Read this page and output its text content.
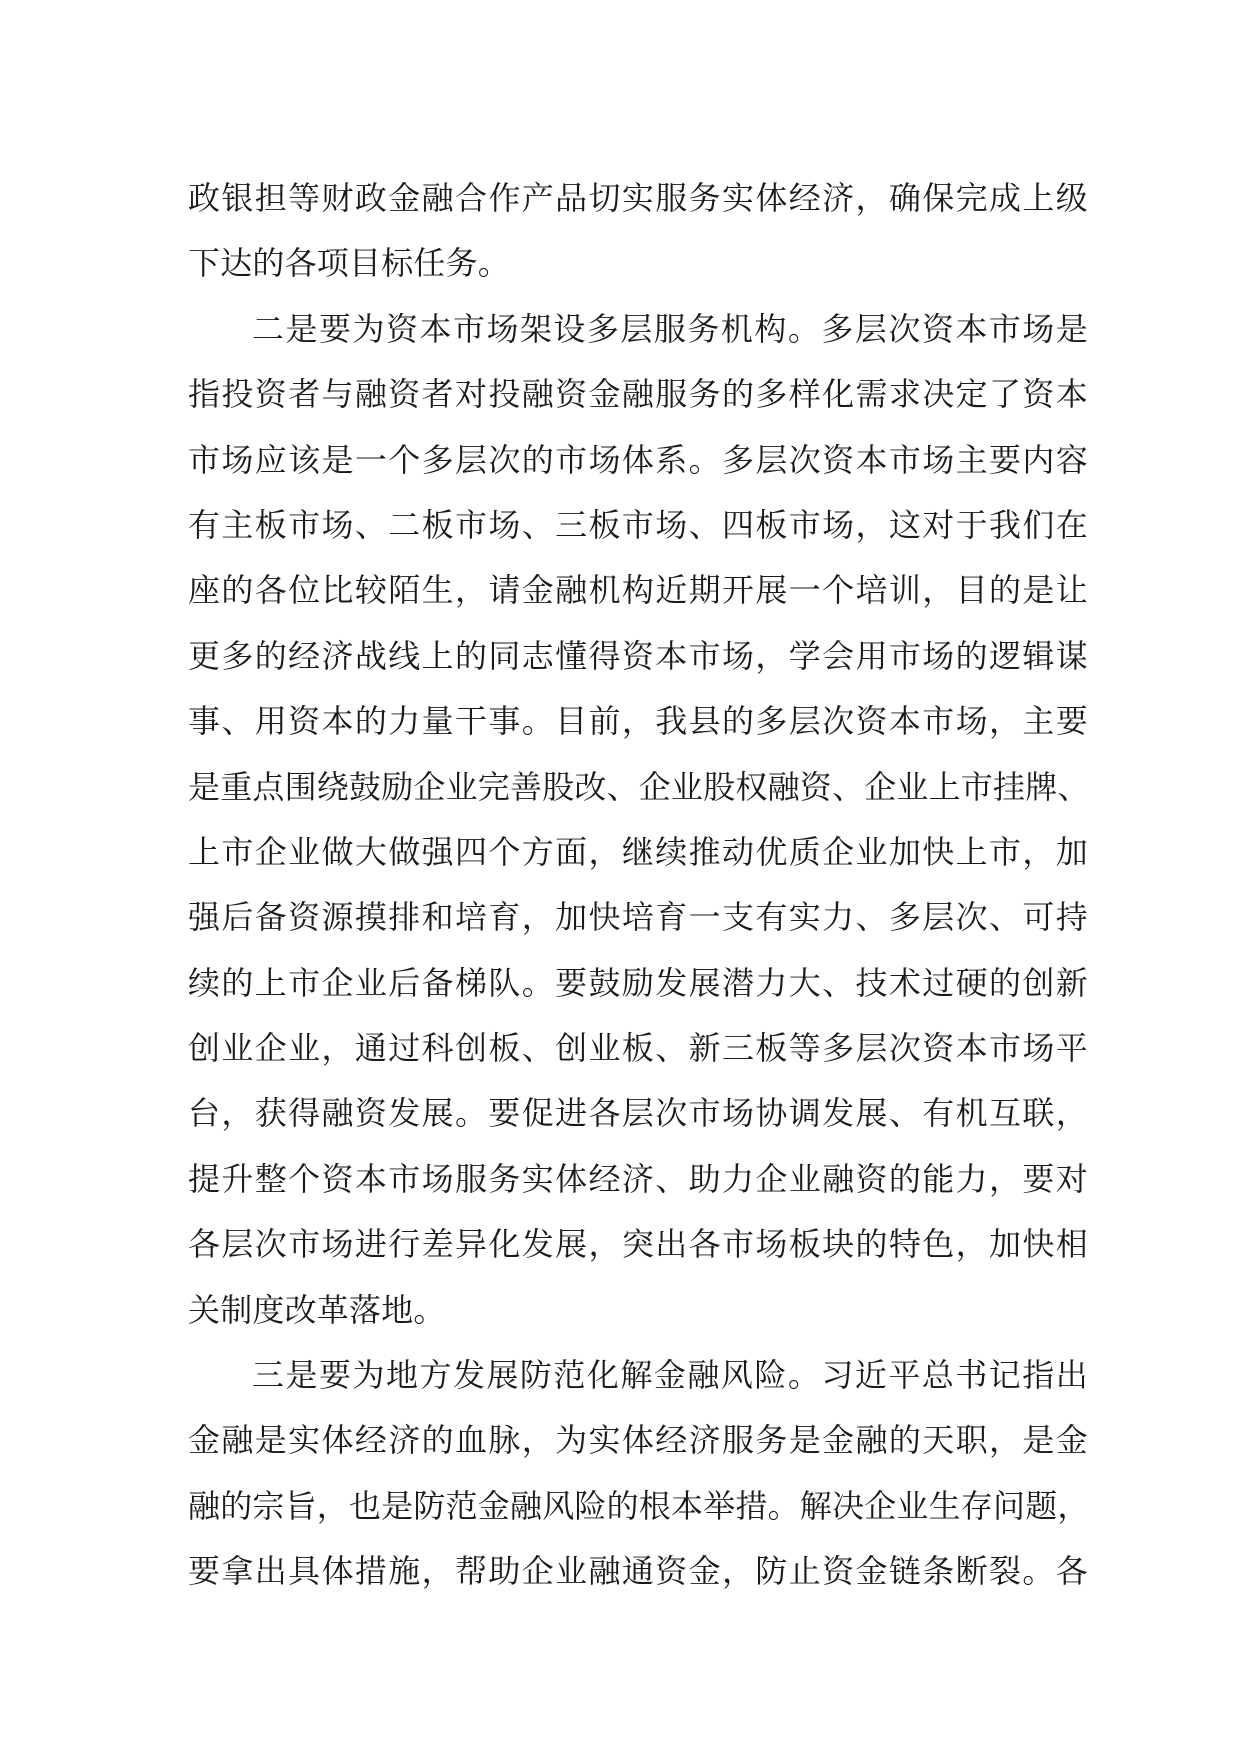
政银担等财政金融合作产品切实服务实体经济，确保完成上级
下达的各项目标任务。
二是要为资本市场架设多层服务机构。多层次资本市场是
指投资者与融资者对投融资金融服务的多样化需求决定了资本
市场应该是一个多层次的市场体系。多层次资本市场主要内容
有主板市场、二板市场、三板市场、四板市场，这对于我们在
座的各位比较陌生，请金融机构近期开展一个培训，目的是让
更多的经济战线上的同志懂得资本市场，学会用市场的逻辑谋
事、用资本的力量干事。目前，我县的多层次资本市场，主要
是重点围绕鼓励企业完善股改、企业股权融资、企业上市挂牌、
上市企业做大做强四个方面，继续推动优质企业加快上市，加
强后备资源摸排和培育，加快培育一支有实力、多层次、可持
续的上市企业后备梯队。要鼓励发展潜力大、技术过硬的创新
创业企业，通过科创板、创业板、新三板等多层次资本市场平
台，获得融资发展。要促进各层次市场协调发展、有机互联，
提升整个资本市场服务实体经济、助力企业融资的能力，要对
各层次市场进行差异化发展，突出各市场板块的特色，加快相
关制度改革落地。
三是要为地方发展防范化解金融风险。习近平总书记指出
金融是实体经济的血脉，为实体经济服务是金融的天职，是金
融的宗旨，也是防范金融风险的根本举措。解决企业生存问题，
要拿出具体措施，帮助企业融通资金，防止资金链条断裂。各
